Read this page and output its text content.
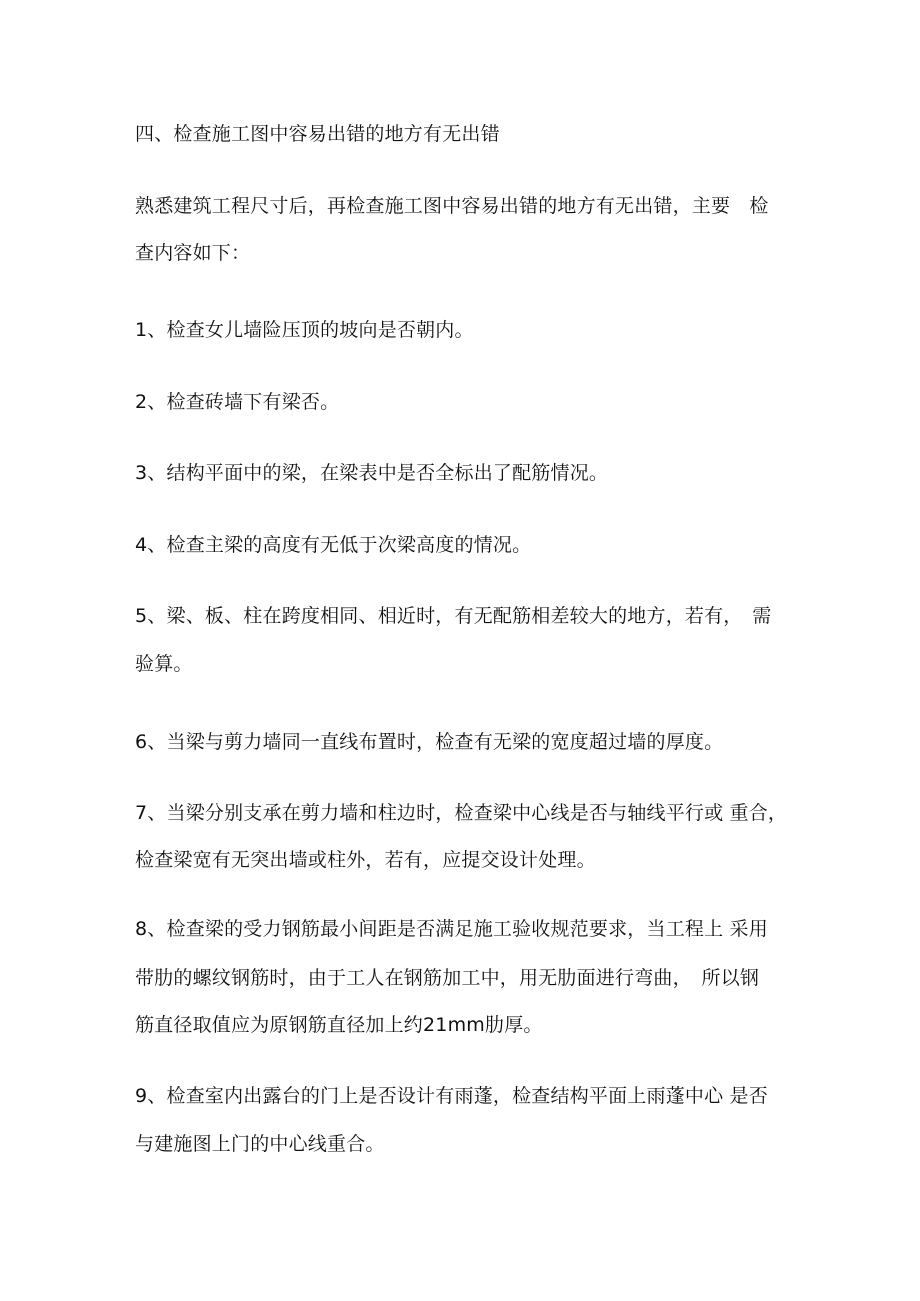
四、检查施工图中容易出错的地方有无出错
熟悉建筑工程尺寸后，再检查施工图中容易出错的地方有无出错，主要　检
查内容如下：
1、检查女儿墙险压顶的坡向是否朝内。
2、检查砖墙下有梁否。
3、结构平面中的梁，在梁表中是否全标出了配筋情况。
4、检查主梁的高度有无低于次梁高度的情况。
5、梁、板、柱在跨度相同、相近时，有无配筋相差较大的地方，若有，　需
验算。
6、当梁与剪力墙同一直线布置时，检查有无梁的宽度超过墙的厚度。
7、当梁分别支承在剪力墙和柱边时，检查梁中心线是否与轴线平行或 重合，
检查梁宽有无突出墙或柱外，若有，应提交设计处理。
8、检查梁的受力钢筋最小间距是否满足施工验收规范要求，当工程上 采用
带肋的螺纹钢筋时，由于工人在钢筋加工中，用无肋面进行弯曲，　所以钢
筋直径取值应为原钢筋直径加上约21mm肋厚。
9、检查室内出露台的门上是否设计有雨蓬，检查结构平面上雨蓬中心 是否
与建施图上门的中心线重合。
